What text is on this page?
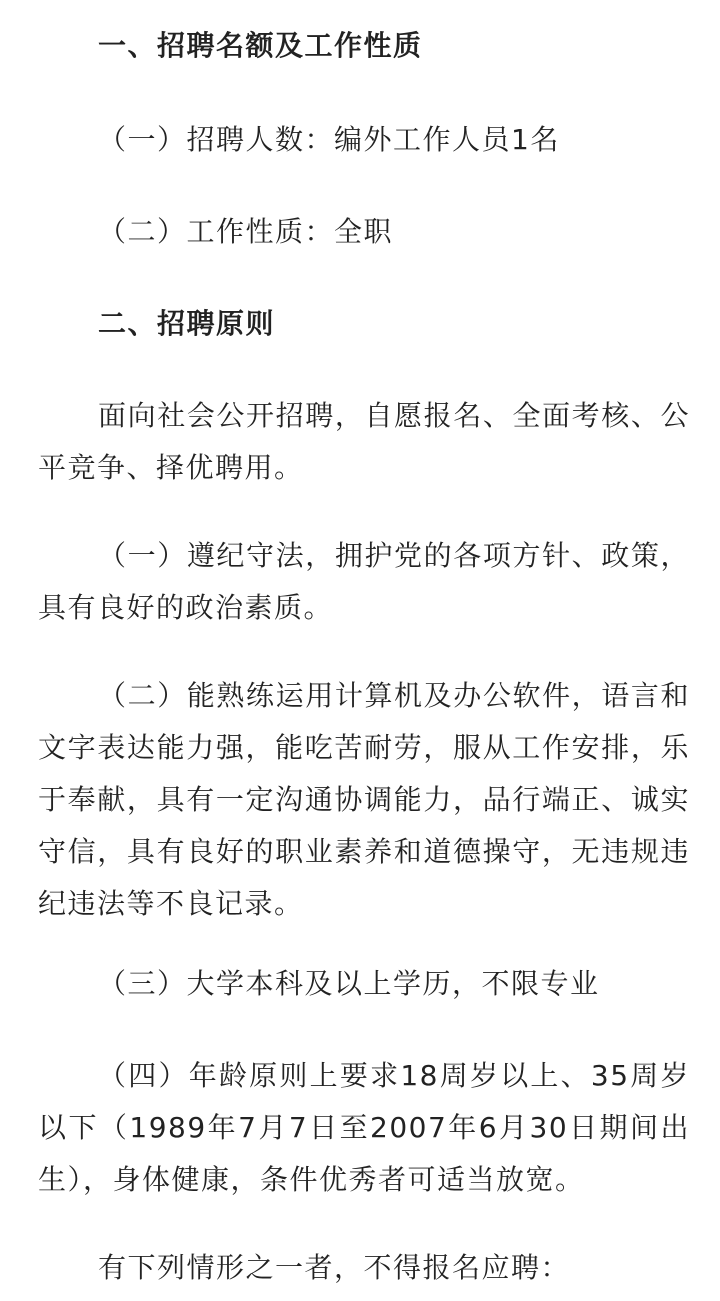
一、招聘名额及工作性质
（一）招聘人数：编外工作人员1名
（二）工作性质：全职
二、招聘原则
面向社会公开招聘，自愿报名、全面考核、公平竞争、择优聘用。
（一）遵纪守法，拥护党的各项方针、政策，具有良好的政治素质。
（二）能熟练运用计算机及办公软件，语言和文字表达能力强，能吃苦耐劳，服从工作安排，乐于奉献，具有一定沟通协调能力，品行端正、诚实守信，具有良好的职业素养和道德操守，无违规违纪违法等不良记录。
（三）大学本科及以上学历，不限专业
（四）年龄原则上要求18周岁以上、35周岁以下（1989年7月7日至2007年6月30日期间出生），身体健康，条件优秀者可适当放宽。
有下列情形之一者，不得报名应聘：
